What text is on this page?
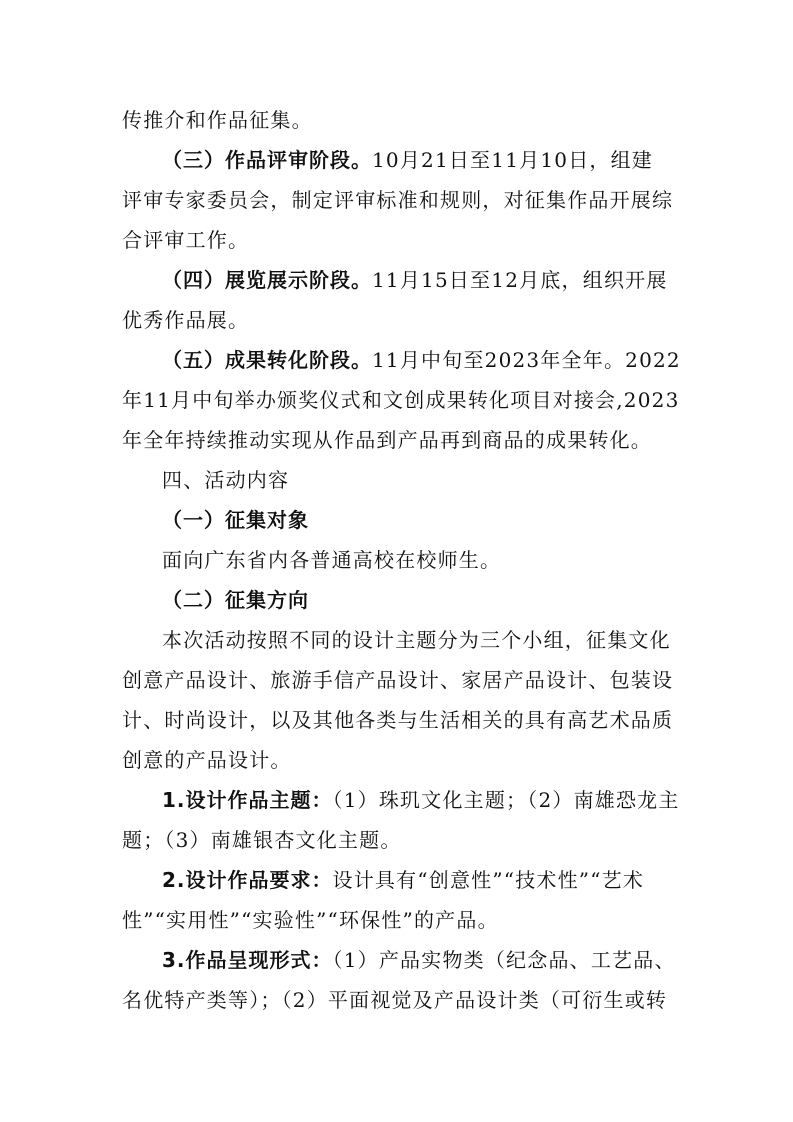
传推介和作品征集。
（三）作品评审阶段。10月21日至11月10日，组建
评审专家委员会，制定评审标准和规则，对征集作品开展综
合评审工作。
（四）展览展示阶段。11月15日至12月底，组织开展
优秀作品展。
（五）成果转化阶段。11月中旬至2023年全年。2022
年11月中旬举办颁奖仪式和文创成果转化项目对接会,2023
年全年持续推动实现从作品到产品再到商品的成果转化。
四、活动内容
（一）征集对象
面向广东省内各普通高校在校师生。
（二）征集方向
本次活动按照不同的设计主题分为三个小组，征集文化
创意产品设计、旅游手信产品设计、家居产品设计、包装设
计、时尚设计，以及其他各类与生活相关的具有高艺术品质
创意的产品设计。
1.设计作品主题：（1）珠玑文化主题；（2）南雄恐龙主
题；（3）南雄银杏文化主题。
2.设计作品要求：设计具有“创意性”“技术性”“艺术
性”“实用性”“实验性”“环保性”的产品。
3.作品呈现形式：（1）产品实物类（纪念品、工艺品、
名优特产类等）；（2）平面视觉及产品设计类（可衍生或转
